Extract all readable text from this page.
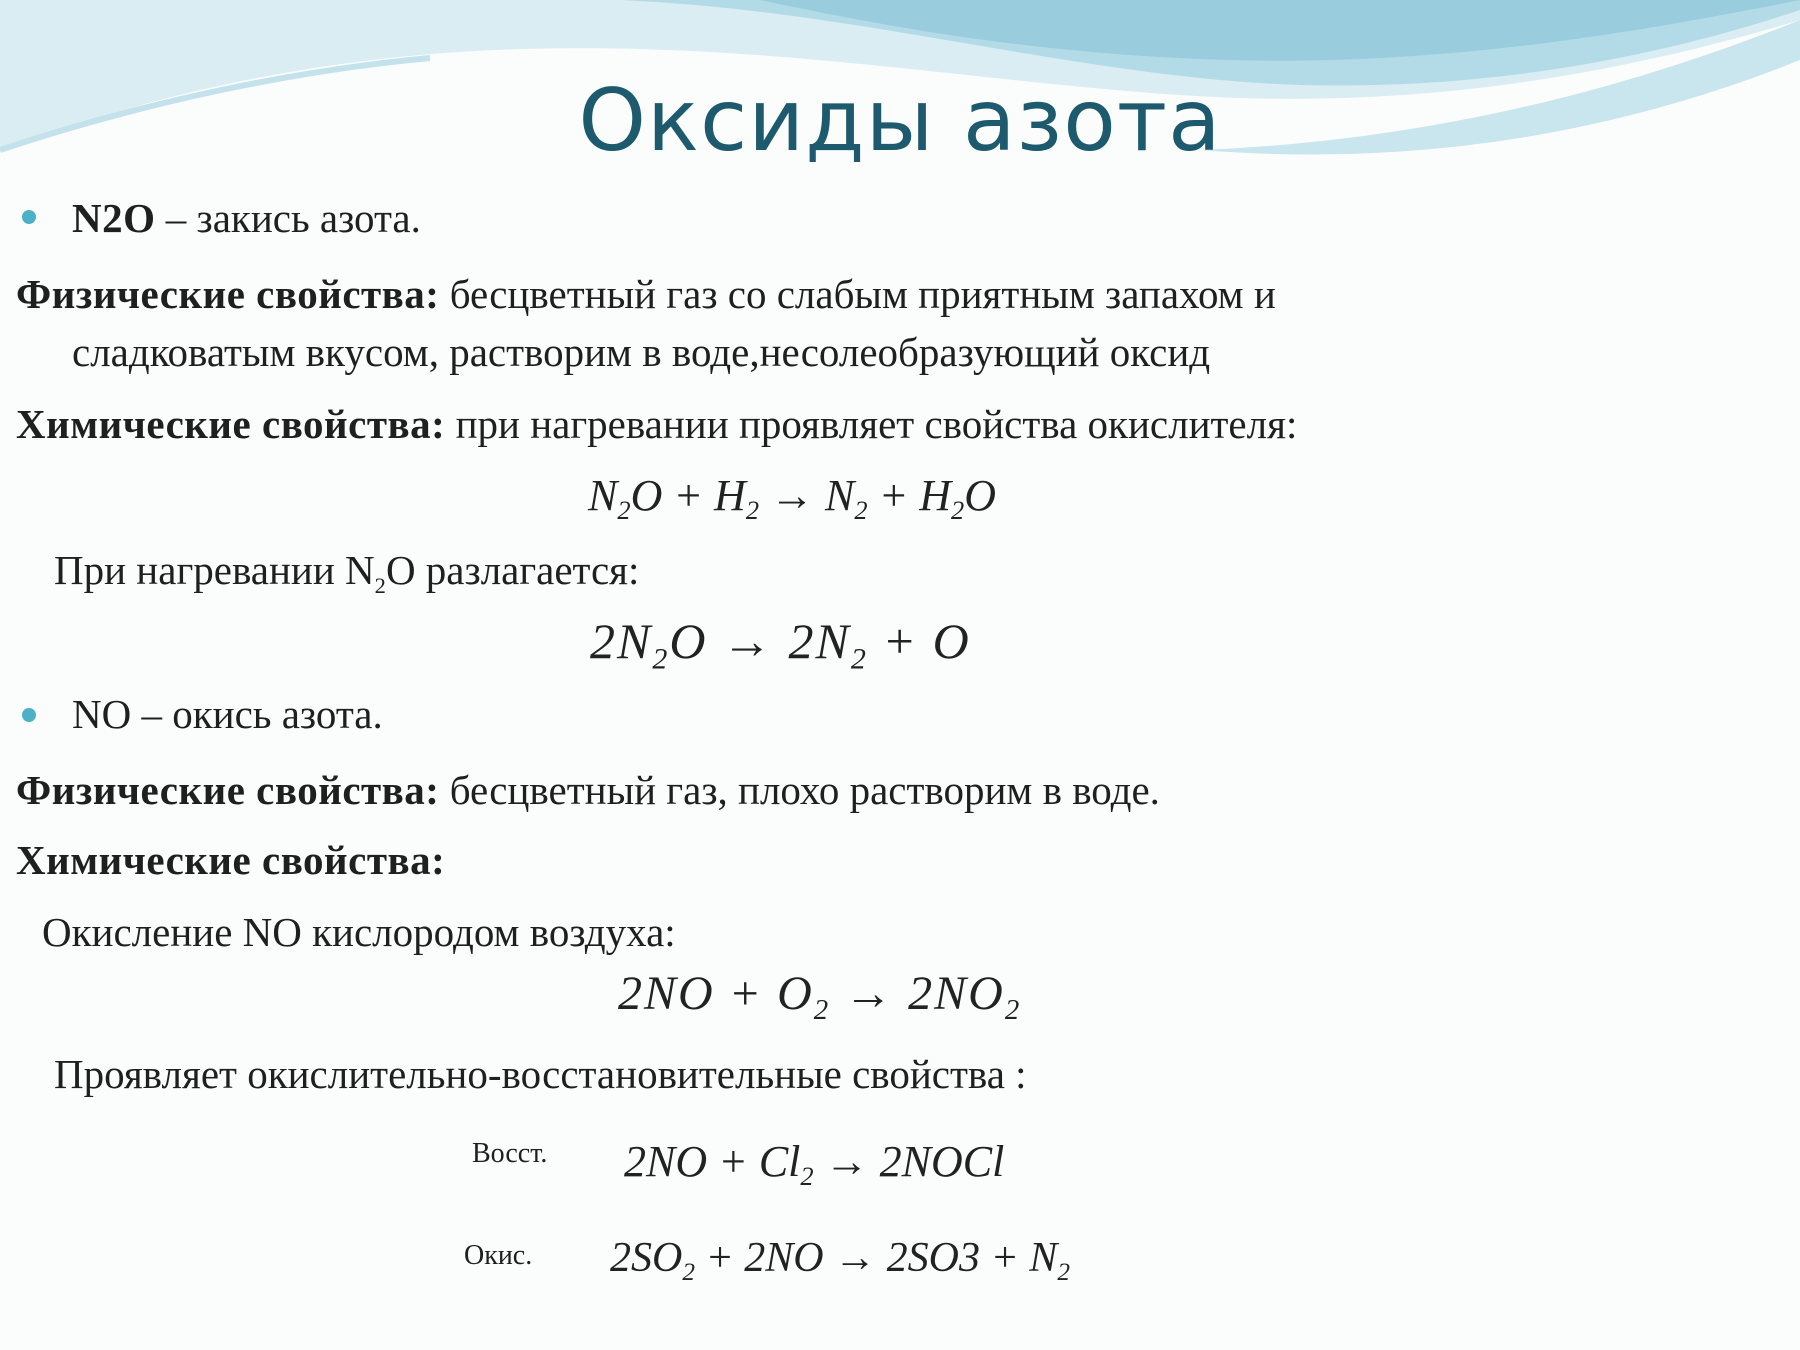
Оксиды азота
N2O – закись азота.
Физические свойства: бесцветный газ со слабым приятным запахом и
сладковатым вкусом, растворим в воде,несолеобразующий оксид
Химические свойства: при нагревании проявляет свойства окислителя:
$N_2O + H_2 \to N_2 + H_2O$
При нагревании $N_2O$ разлагается:
$2N_2O \to 2N_2 + O$
NO – окись азота.
Физические свойства: бесцветный газ, плохо растворим в воде.
Химические свойства:
Окисление NO кислородом воздуха:
$2NO + O_2 \to 2NO_2$
Проявляет окислительно-восстановительные свойства :
Восст. $2NO + Cl_2$ → 2NOCl
Окис. $2SO_2 + 2NO \to 2SO3 + N_2$
